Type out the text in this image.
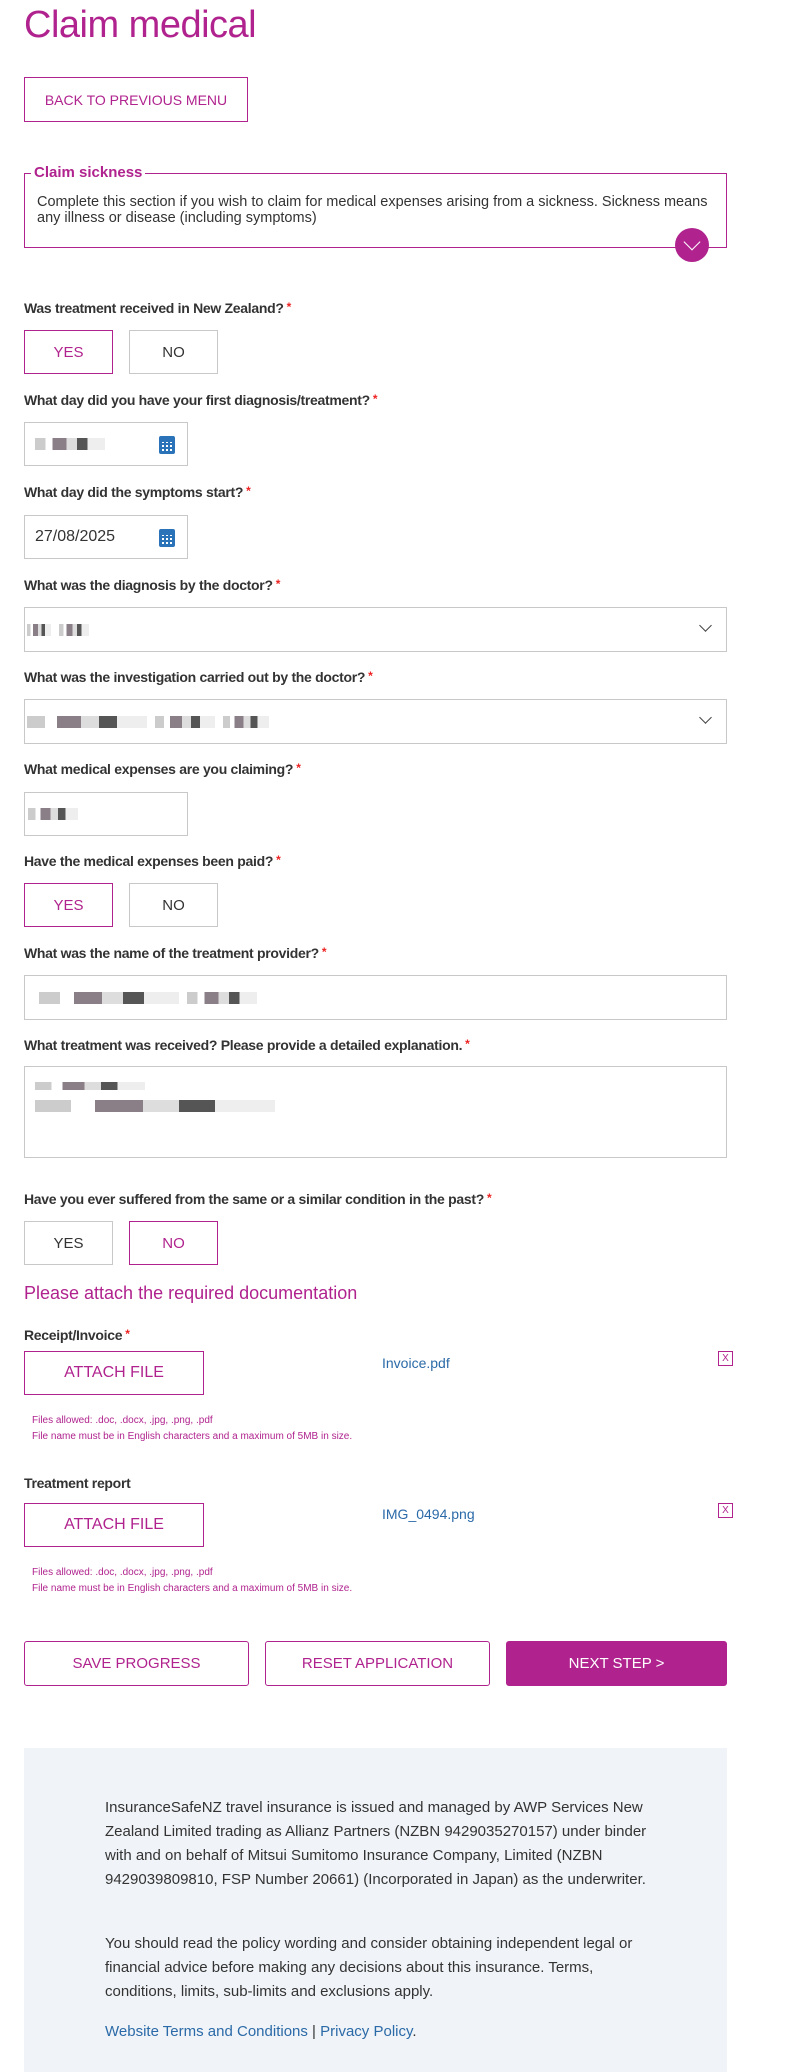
Claim medical
BACK TO PREVIOUS MENU
Claim sickness

Complete this section if you wish to claim for medical expenses arising from a sickness. Sickness means any illness or disease (including symptoms)

Was treatment received in New Zealand? *
YES	NO
What day did you have your first diagnosis/treatment? *
What day did the symptoms start? *
27/08/2025
What was the diagnosis by the doctor? *
What was the investigation carried out by the doctor? *
What medical expenses are you claiming? *
Have the medical expenses been paid? *
YES	NO
What was the name of the treatment provider? *
What treatment was received? Please provide a detailed explanation. *
Have you ever suffered from the same or a similar condition in the past? *
YES	NO
Please attach the required documentation
Receipt/Invoice *
ATTACH FILE
Invoice.pdf	X
Files allowed: .doc, .docx, .jpg, .png, .pdf
File name must be in English characters and a maximum of 5MB in size.
Treatment report
ATTACH FILE
IMG_0494.png	X
Files allowed: .doc, .docx, .jpg, .png, .pdf
File name must be in English characters and a maximum of 5MB in size.
SAVE PROGRESS	RESET APPLICATION	NEXT STEP >

InsuranceSafeNZ travel insurance is issued and managed by AWP Services New Zealand Limited trading as Allianz Partners (NZBN 9429035270157) under binder with and on behalf of Mitsui Sumitomo Insurance Company, Limited (NZBN 9429039809810, FSP Number 20661) (Incorporated in Japan) as the underwriter.

You should read the policy wording and consider obtaining independent legal or financial advice before making any decisions about this insurance. Terms, conditions, limits, sub-limits and exclusions apply.

Website Terms and Conditions | Privacy Policy.
